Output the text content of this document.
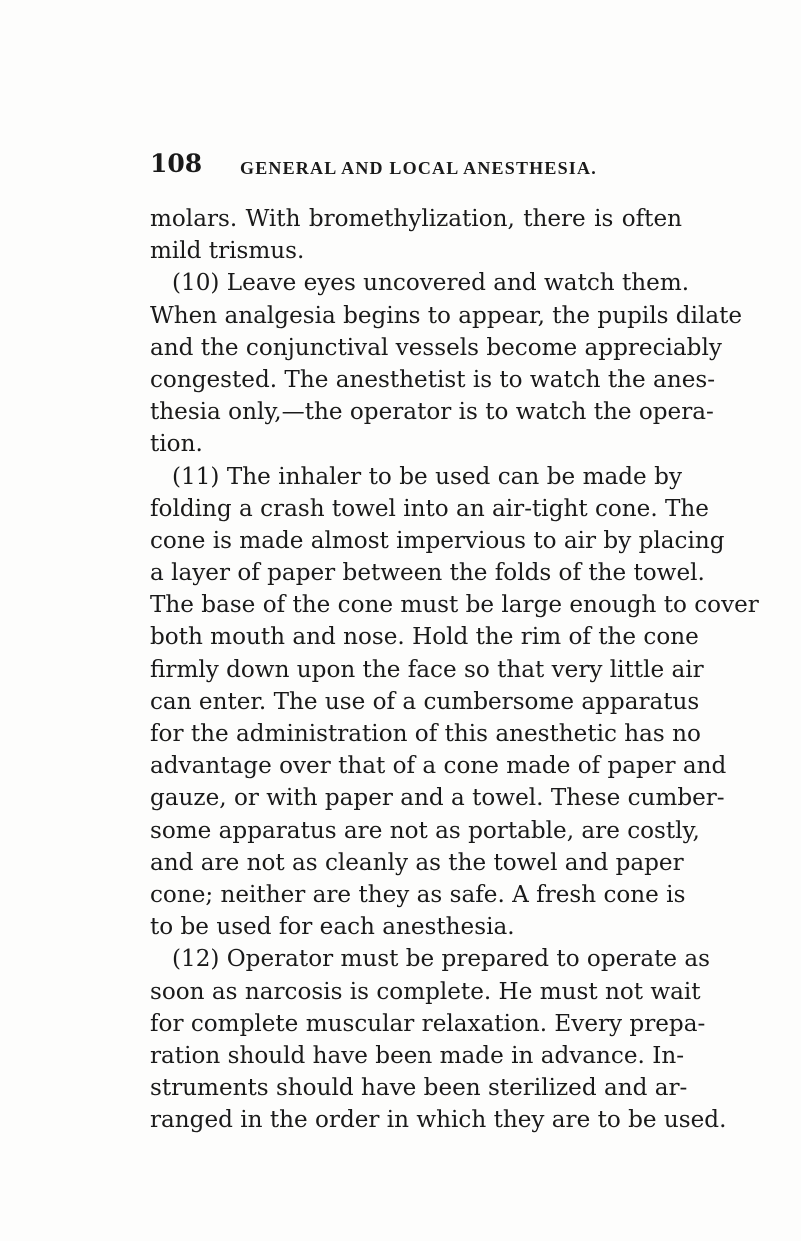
108 GENERAL AND LOCAL ANESTHESIA.
molars. With bromethylization, there is often
mild trismus.
(10) Leave eyes uncovered and watch them.
When analgesia begins to appear, the pupils dilate
and the conjunctival vessels become appreciably
congested. The anesthetist is to watch the anes-
thesia only,—the operator is to watch the opera-
tion.
(11) The inhaler to be used can be made by
folding a crash towel into an air-tight cone. The
cone is made almost impervious to air by placing
a layer of paper between the folds of the towel.
The base of the cone must be large enough to cover
both mouth and nose. Hold the rim of the cone
firmly down upon the face so that very little air
can enter. The use of a cumbersome apparatus
for the administration of this anesthetic has no
advantage over that of a cone made of paper and
gauze, or with paper and a towel. These cumber-
some apparatus are not as portable, are costly,
and are not as cleanly as the towel and paper
cone; neither are they as safe. A fresh cone is
to be used for each anesthesia.
(12) Operator must be prepared to operate as
soon as narcosis is complete. He must not wait
for complete muscular relaxation. Every prepa-
ration should have been made in advance. In-
struments should have been sterilized and ar-
ranged in the order in which they are to be used.
